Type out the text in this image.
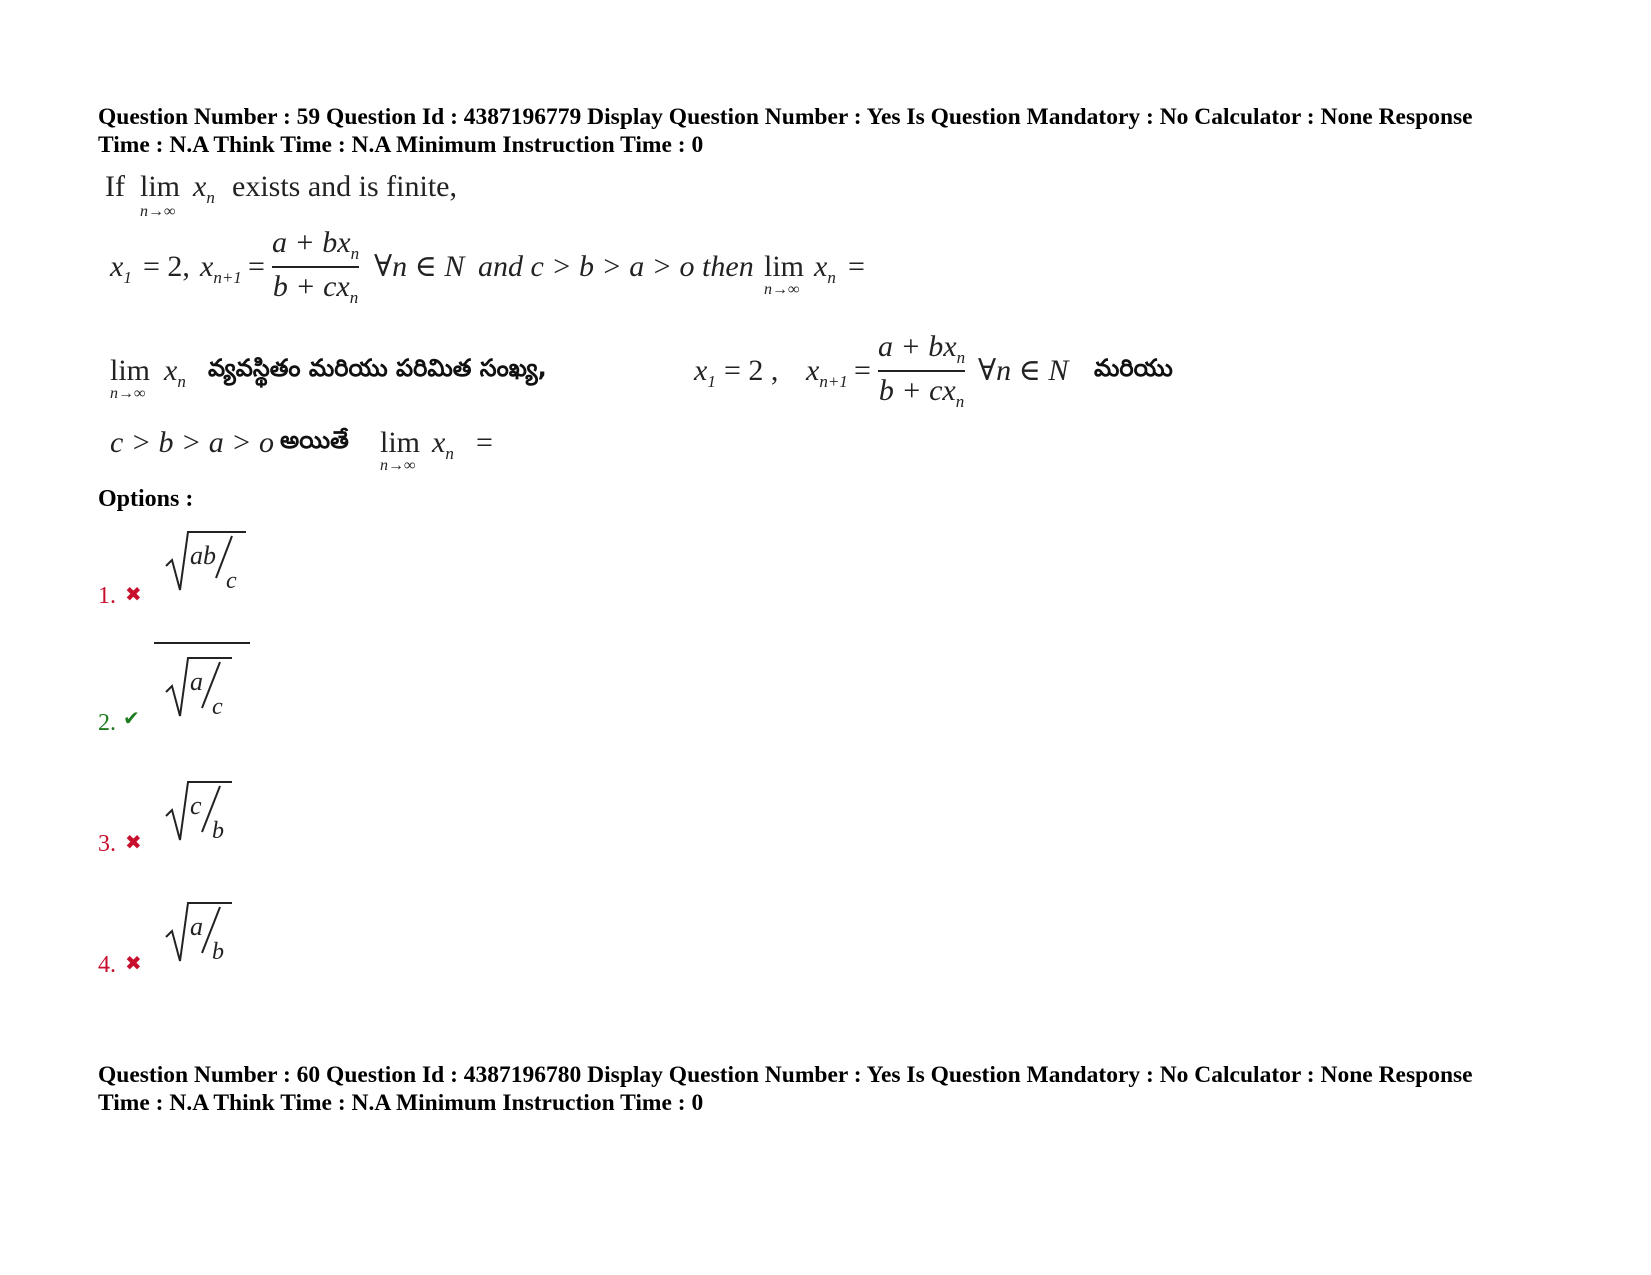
Question Number : 59 Question Id : 4387196779 Display Question Number : Yes Is Question Mandatory : No Calculator : None Response
Time : N.A Think Time : N.A Minimum Instruction Time : 0
If lim
n→∞
$x_n$ exists and is finite,
$x_1 = 2$, $x_{n+1}$ =
$a + bx_n$
$b + cx_n$
∀n ∈ N and c > b > a > o then lim
n→∞
$x_n$ =
lim
n→∞
$x_n$ వ్యవస్థితం మరియు పరిమిత సంఖ్య,	$x_1 = 2$ , $x_{n+1}$ =
$a + bx_n$
$b + cx_n$
∀n ∈ N మరియు
c > b > a > o అయితే lim
n→∞
$x_n$ =
Options :
1. ✖
ab
c
2. ✔
a
c
3. ✖
c
b
4. ✖
a
b
Question Number : 60 Question Id : 4387196780 Display Question Number : Yes Is Question Mandatory : No Calculator : None Response
Time : N.A Think Time : N.A Minimum Instruction Time : 0
